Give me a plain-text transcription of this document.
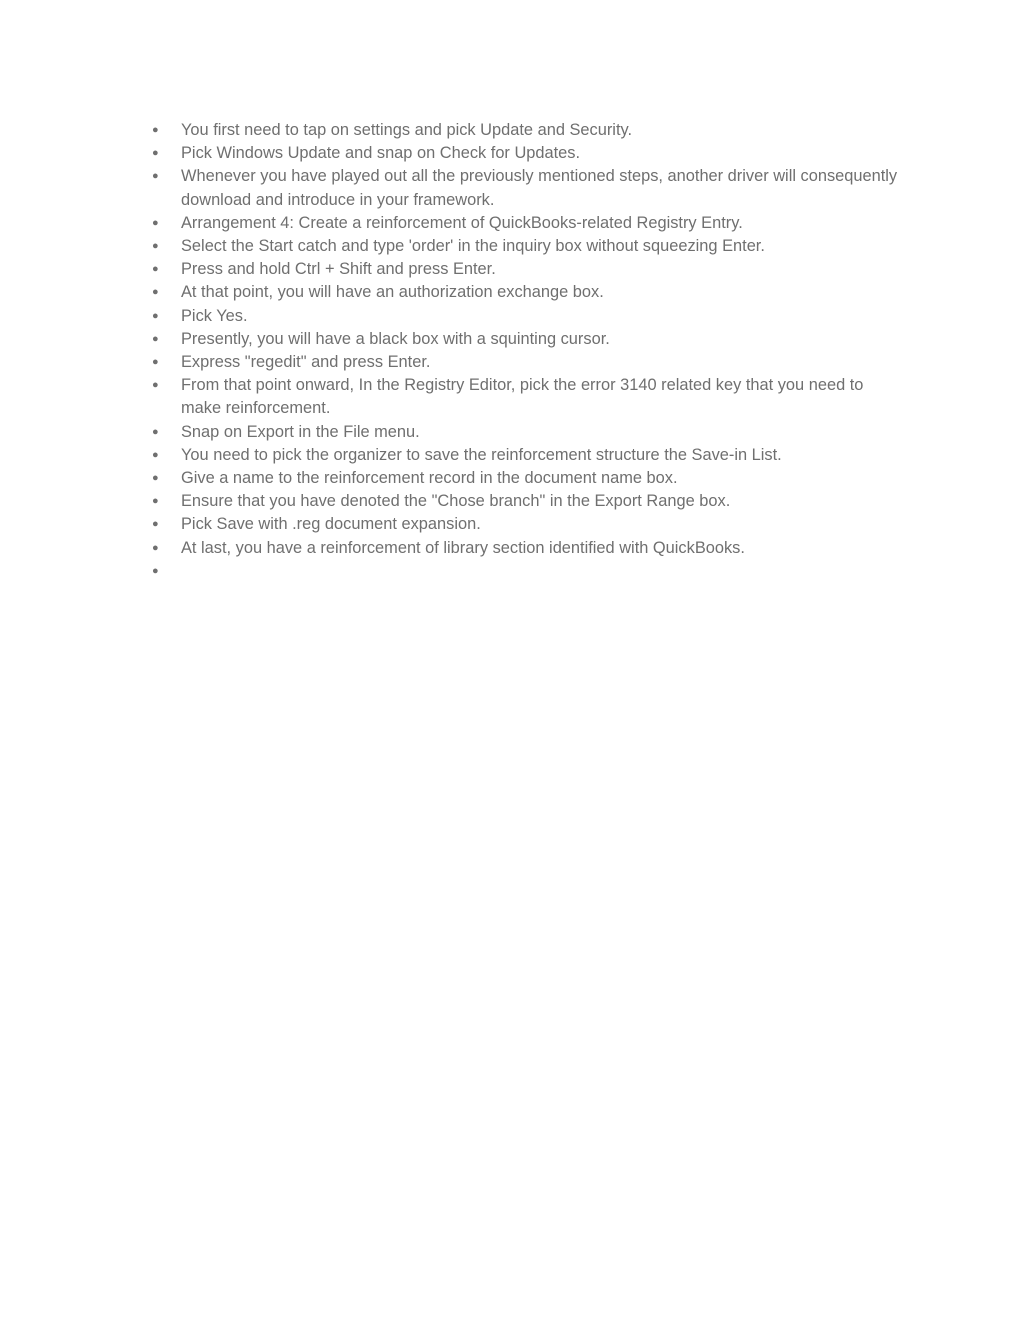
● You first need to tap on settings and pick Update and Security.
● Pick Windows Update and snap on Check for Updates.
● Whenever you have played out all the previously mentioned steps, another driver will consequently download and introduce in your framework.
● Arrangement 4: Create a reinforcement of QuickBooks-related Registry Entry.
● Select the Start catch and type 'order' in the inquiry box without squeezing Enter.
● Press and hold Ctrl + Shift and press Enter.
● At that point, you will have an authorization exchange box.
● Pick Yes.
● Presently, you will have a black box with a squinting cursor.
● Express "regedit" and press Enter.
● From that point onward, In the Registry Editor, pick the error 3140 related key that you need to make reinforcement.
● Snap on Export in the File menu.
● You need to pick the organizer to save the reinforcement structure the Save-in List.
● Give a name to the reinforcement record in the document name box.
● Ensure that you have denoted the "Chose branch" in the Export Range box.
● Pick Save with .reg document expansion.
● At last, you have a reinforcement of library section identified with QuickBooks.
●
